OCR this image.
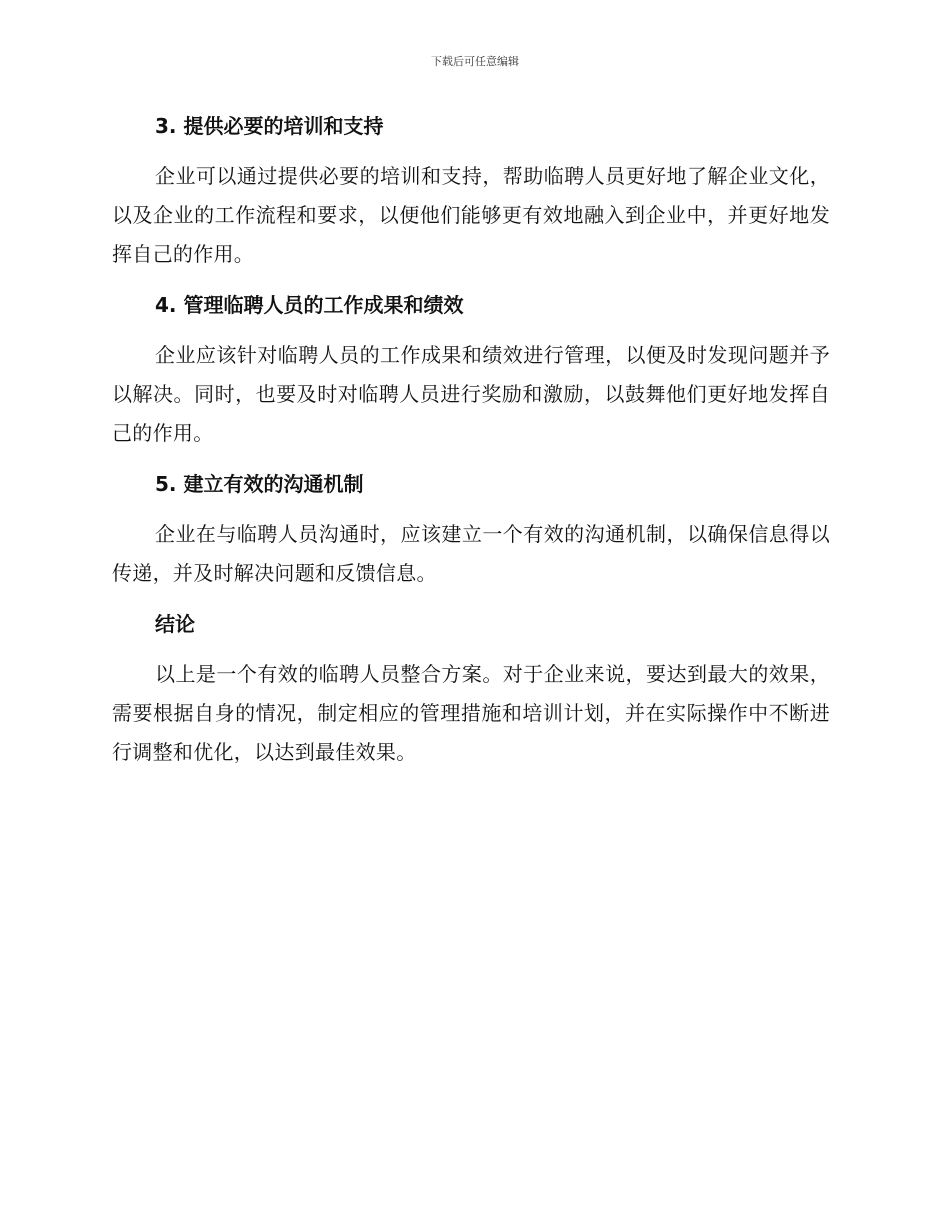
下载后可任意编辑
3. 提供必要的培训和支持

企业可以通过提供必要的培训和支持，帮助临聘人员更好地了解企业文化，以及企业的工作流程和要求，以便他们能够更有效地融入到企业中，并更好地发挥自己的作用。

4. 管理临聘人员的工作成果和绩效

企业应该针对临聘人员的工作成果和绩效进行管理，以便及时发现问题并予以解决。同时，也要及时对临聘人员进行奖励和激励，以鼓舞他们更好地发挥自己的作用。

5. 建立有效的沟通机制

企业在与临聘人员沟通时，应该建立一个有效的沟通机制，以确保信息得以传递，并及时解决问题和反馈信息。

结论

以上是一个有效的临聘人员整合方案。对于企业来说，要达到最大的效果，需要根据自身的情况，制定相应的管理措施和培训计划，并在实际操作中不断进行调整和优化，以达到最佳效果。
